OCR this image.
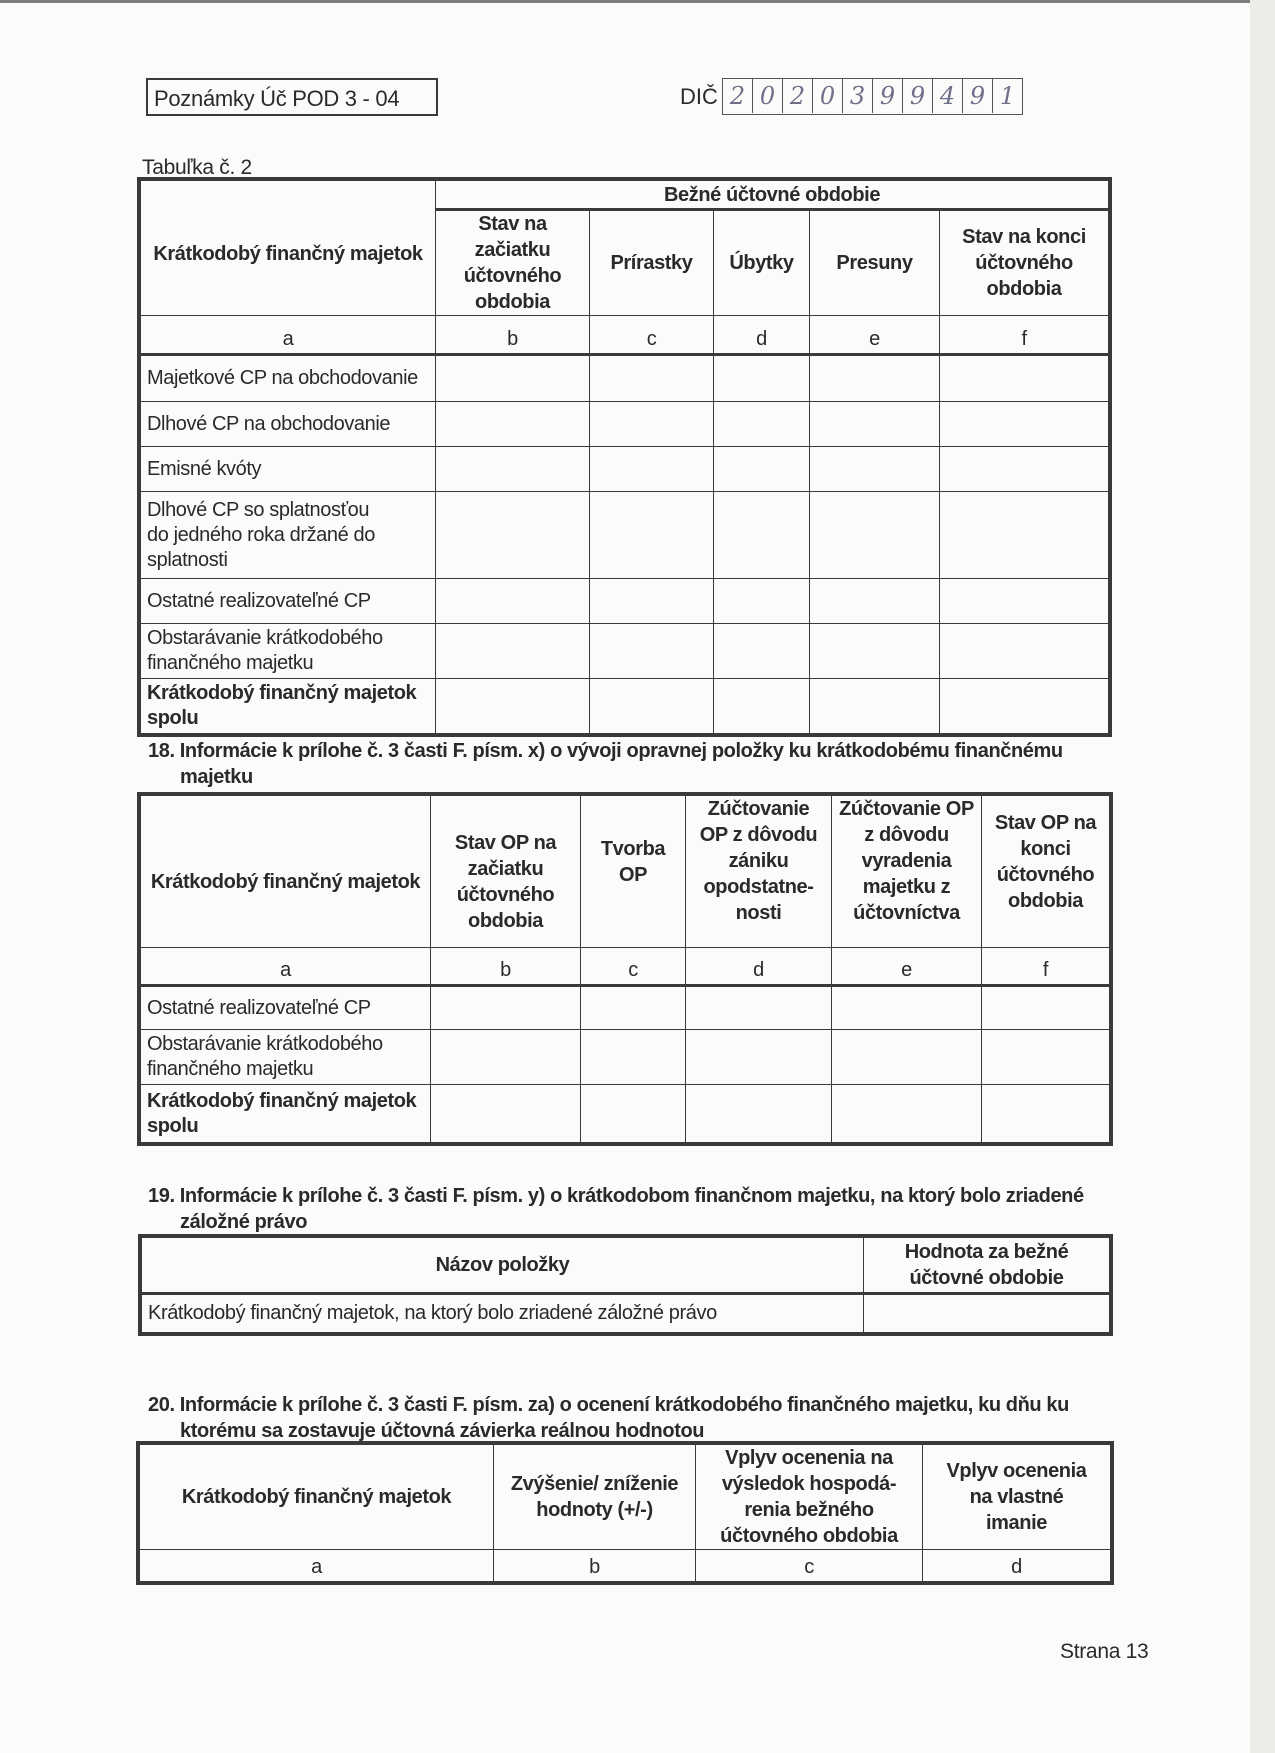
Poznámky Úč POD 3 - 04	DIČ 2 0 2 0 3 9 9 4 9 1
Tabuľka č. 2
Krátkodobý finančný majetok	Bežné účtovné obdobie				
	Stav na začiatku účtovného obdobia	Prírastky	Úbytky	Presuny	Stav na konci účtovného obdobia
a	b	c	d	e	f
Majetkové CP na obchodovanie					
Dlhové CP na obchodovanie					
Emisné kvóty					
Dlhové CP so splatnosťou do jedného roka držané do splatnosti					
Ostatné realizovateľné CP					
Obstarávanie krátkodobého finančného majetku					
Krátkodobý finančný majetok spolu					
18. Informácie k prílohe č. 3 časti F. písm. x) o vývoji opravnej položky ku krátkodobému finančnému majetku
Krátkodobý finančný majetok	Stav OP na začiatku účtovného obdobia	Tvorba OP	Zúčtovanie OP z dôvodu zániku opodstatne-nosti	Zúčtovanie OP z dôvodu vyradenia majetku z účtovníctva	Stav OP na konci účtovného obdobia
a	b	c	d	e	f
Ostatné realizovateľné CP					
Obstarávanie krátkodobého finančného majetku					
Krátkodobý finančný majetok spolu					
19. Informácie k prílohe č. 3 časti F. písm. y) o krátkodobom finančnom majetku, na ktorý bolo zriadené záložné právo
Názov položky	Hodnota za bežné účtovné obdobie
Krátkodobý finančný majetok, na ktorý bolo zriadené záložné právo	
20. Informácie k prílohe č. 3 časti F. písm. za) o ocenení krátkodobého finančného majetku, ku dňu ku ktorému sa zostavuje účtovná závierka reálnou hodnotou
Krátkodobý finančný majetok	Zvýšenie/ zníženie hodnoty (+/-)	Vplyv ocenenia na výsledok hospodá-renia bežného účtovného obdobia	Vplyv ocenenia na vlastné imanie
a	b	c	d
Strana 13
